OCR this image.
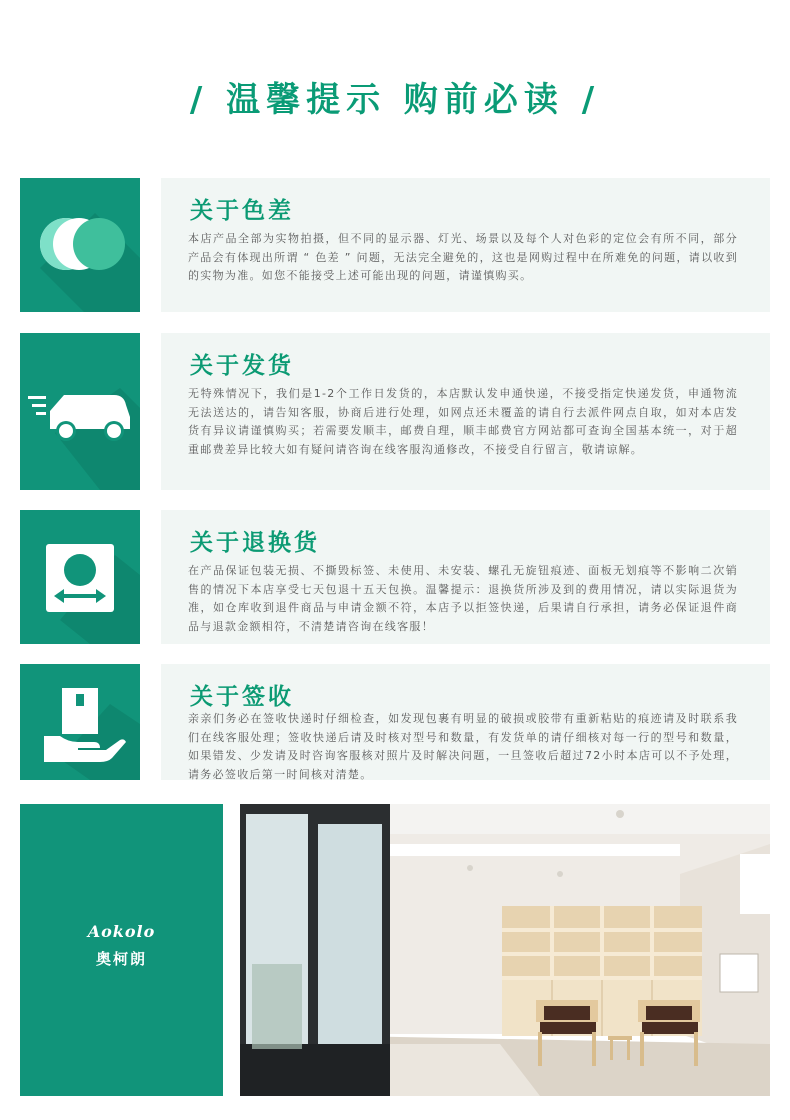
/ 温馨提示 购前必读 /
关于色差
本店产品全部为实物拍摄，但不同的显示器、灯光、场景以及每个人对色彩的定位会有所不同，部分产品会有体现出所谓 “ 色差 ” 问题，无法完全避免的，这也是网购过程中在所难免的问题，请以收到的实物为准。如您不能接受上述可能出现的问题，请谨慎购买。
关于发货
无特殊情况下，我们是1-2个工作日发货的，本店默认发申通快递，不接受指定快递发货，申通物流无法送达的，请告知客服，协商后进行处理，如网点还未覆盖的请自行去派件网点自取，如对本店发货有异议请谨慎购买；若需要发顺丰，邮费自理，顺丰邮费官方网站都可查询全国基本统一，对于超重邮费差异比较大如有疑问请咨询在线客服沟通修改，不接受自行留言，敬请谅解。
关于退换货
在产品保证包装无损、不撕毁标签、未使用、未安装、螺孔无旋钮痕迹、面板无划痕等不影响二次销售的情况下本店享受七天包退十五天包换。温馨提示：退换货所涉及到的费用情况，请以实际退货为准，如仓库收到退件商品与申请金额不符，本店予以拒签快递，后果请自行承担，请务必保证退件商品与退款金额相符，不清楚请咨询在线客服！
关于签收
亲亲们务必在签收快递时仔细检查，如发现包裹有明显的破损或胶带有重新粘贴的痕迹请及时联系我们在线客服处理；签收快递后请及时核对型号和数量，有发货单的请仔细核对每一行的型号和数量，如果错发、少发请及时咨询客服核对照片及时解决问题，一旦签收后超过72小时本店可以不予处理，请务必签收后第一时间核对清楚。
Aokolo
奥柯朗
